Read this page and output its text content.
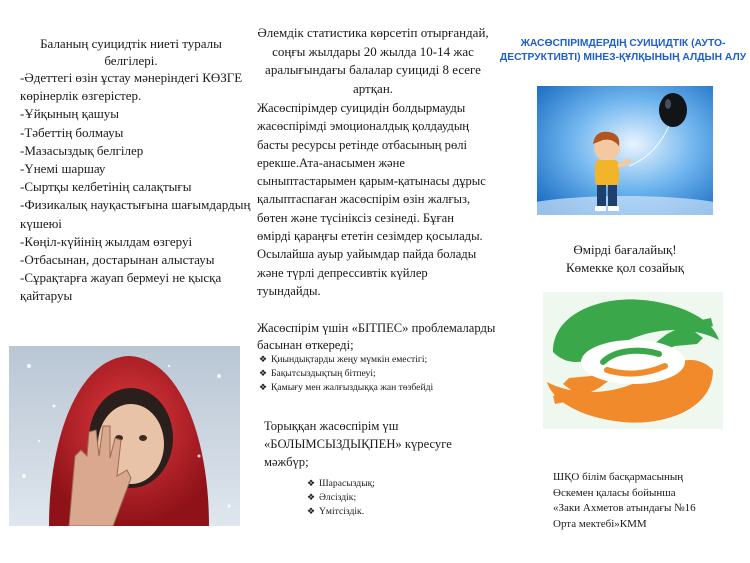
Баланың суицидтік ниеті туралы белгілері.
-Әдеттегі өзін ұстау мәнеріндегі КӨЗГЕ көрінерлік өзгерістер.
-Ұйқының қашуы
-Тәбеттің болмауы
-Мазасыздық белгілер
-Үнемі шаршау
-Сыртқы келбетінің салақтығы
-Физикалық науқастығына шағымдардың күшеюі
-Көңіл-күйінің жылдам өзгеруі
-Отбасынан, достарынан алыстауы
-Сұрақтарға жауап бермеуі не қысқа қайтаруы
Әлемдік статистика көрсетіп отырғандай, соңғы жылдары 20 жылда 10-14 жас аралығындағы балалар суицидi 8 есеге артқан.
Жасөспірімдер суицидін болдырмауды жасөспірімді эмоционалдық қолдаудың басты ресурсы ретінде отбасының рөлі ерекше.Ата-анасымен және сыныптастарымен қарым-қатынасы дұрыс қалыптаспаған жасөспірім өзін жалғыз, бөтен және түсініксіз сезінеді. Бұған өмірді қараңғы ететін сезімдер қосылады. Осылайша ауыр уайымдар пайда болады және түрлі депрессивтік күйлер туындайды.
Жасөспірім үшін «БІТПЕС» проблемаларды басынан өткереді;
❖ Қиындықтарды жеңу мүмкін еместігі;
❖ Бақытсыздықтың бітпеуі;
❖ Қамығу мен жалғыздыққа жан төзбейді
Торыққан жасөспірім үш «БОЛЫМСЫЗДЫҚПЕН» күресуге мәжбүр;
❖ Шарасыздық;
❖ Әлсіздік;
❖ Үмітсіздік.
ЖАСӨСПІРІМДЕРДІҢ СУИЦИДТІК (АУТО-ДЕСТРУКТИВТІ) МІНЕЗ-ҚҰЛҚЫНЫҢ АЛДЫН АЛУ

Өмірді бағалайық!

Көмекке қол созайық

ШҚО білім басқармасының
Өскемен қаласы бойынша
«Заки Ахметов атындағы №16
Орта мектебі»КММ
